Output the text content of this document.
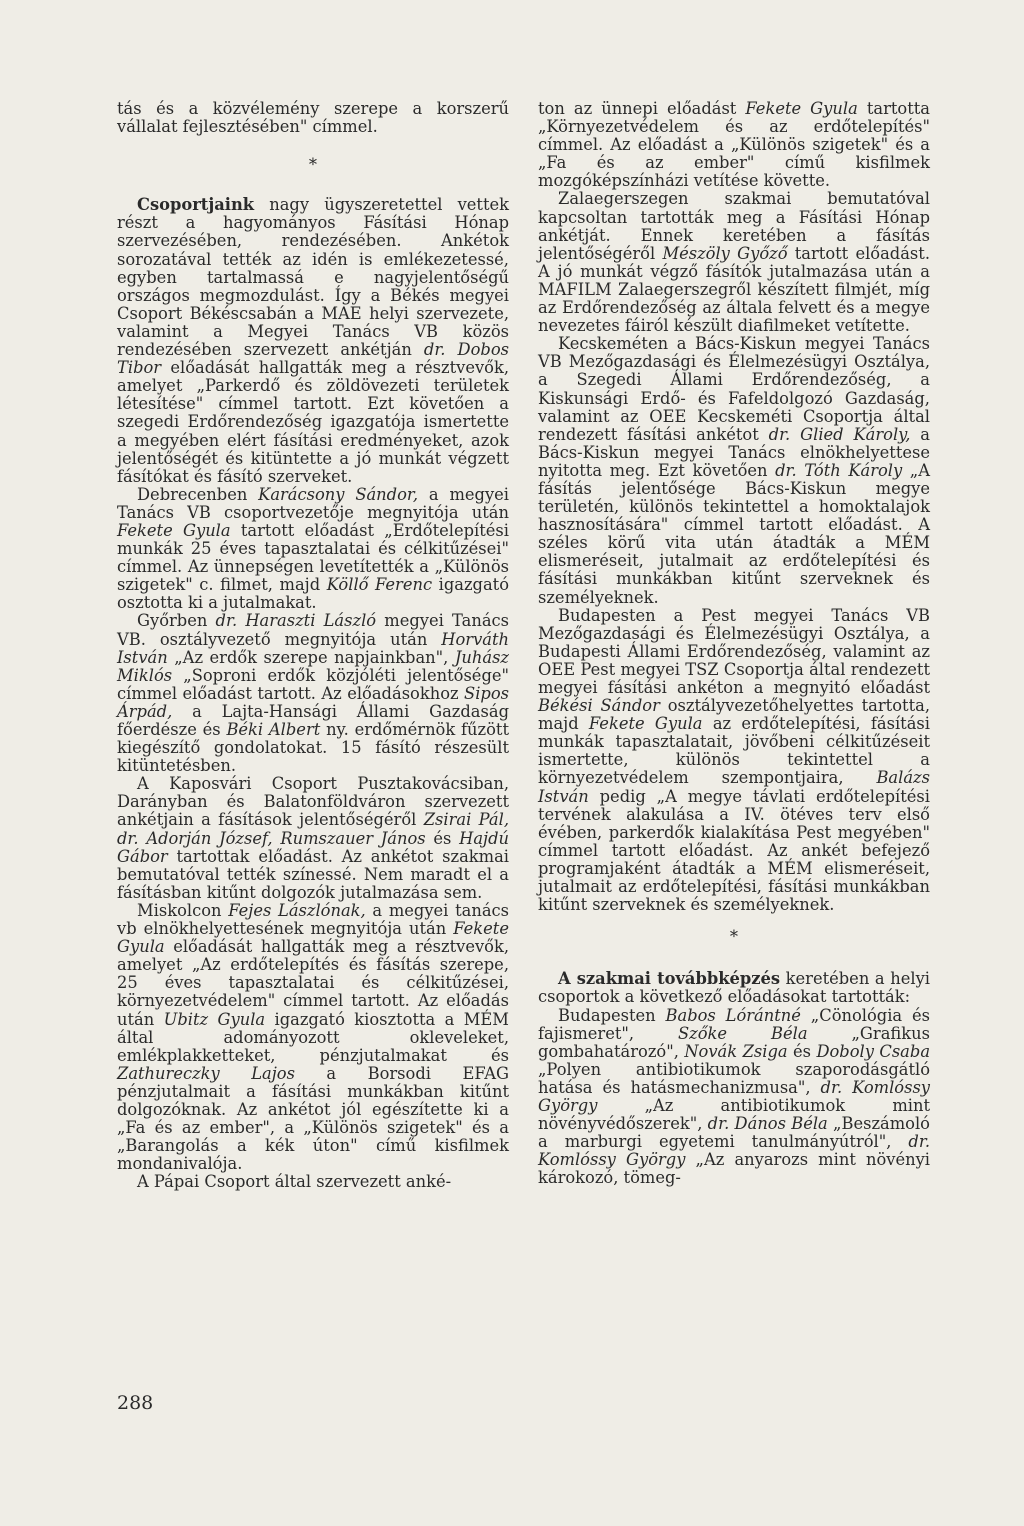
tás és a közvélemény szerepe a korszerű vállalat fejlesztésében" címmel.

*

Csoportjaink nagy ügyszeretettel vettek részt a hagyományos Fásítási Hónap szervezésében, rendezésében. Ankétok sorozatával tették az idén is emlékezetessé, egyben tartalmassá e nagyjelentőségű országos megmozdulást. Így a Békés megyei Csoport Békéscsabán a MAE helyi szervezete, valamint a Megyei Tanács VB közös rendezésében szervezett ankétján dr. Dobos Tibor előadását hallgatták meg a résztvevők, amelyet „Parkerdő és zöldövezeti területek létesítése" címmel tartott. Ezt követően a szegedi Erdőrendezőség igazgatója ismertette a megyében elért fásítási eredményeket, azok jelentőségét és kitüntette a jó munkát végzett fásítókat és fásító szerveket.

Debrecenben Karácsony Sándor, a megyei Tanács VB csoportvezetője megnyitója után Fekete Gyula tartott előadást „Erdőtelepítési munkák 25 éves tapasztalatai és célkitűzései" címmel. Az ünnepségen levetítették a „Különös szigetek" c. filmet, majd Köllő Ferenc igazgató osztotta ki a jutalmakat.

Győrben dr. Haraszti László megyei Tanács VB. osztályvezető megnyitója után Horváth István „Az erdők szerepe napjainkban", Juhász Miklós „Soproni erdők közjóléti jelentősége" címmel előadást tartott. Az előadásokhoz Sipos Árpád, a Lajta-Hansági Állami Gazdaság főerdésze és Béki Albert ny. erdőmérnök fűzött kiegészítő gondolatokat. 15 fásító részesült kitüntetésben.

A Kaposvári Csoport Pusztakovácsiban, Darányban és Balatonföldváron szervezett ankétjain a fásítások jelentőségéről Zsirai Pál, dr. Adorján József, Rumszauer János és Hajdú Gábor tartottak előadást. Az ankétot szakmai bemutatóval tették színessé. Nem maradt el a fásításban kitűnt dolgozók jutalmazása sem.

Miskolcon Fejes Lászlónak, a megyei tanács vb elnökhelyettesének megnyitója után Fekete Gyula előadását hallgatták meg a résztvevők, amelyet „Az erdőtelepítés és fásítás szerepe, 25 éves tapasztalatai és célkitűzései, környezetvédelem" címmel tartott. Az előadás után Ubitz Gyula igazgató kiosztotta a MÉM által adományozott okleveleket, emlékplakketteket, pénzjutalmakat és Zathureczky Lajos a Borsodi EFAG pénzjutalmait a fásítási munkákban kitűnt dolgozóknak. Az ankétot jól egészítette ki a „Fa és az ember", a „Különös szigetek" és a „Barangolás a kék úton" című kisfilmek mondanivalója.

A Pápai Csoport által szervezett anké-

ton az ünnepi előadást Fekete Gyula tartotta „Környezetvédelem és az erdőtelepítés" címmel. Az előadást a „Különös szigetek" és a „Fa és az ember" című kisfilmek mozgóképszínházi vetítése követte.

Zalaegerszegen szakmai bemutatóval kapcsoltan tartották meg a Fásítási Hónap ankétját. Ennek keretében a fásítás jelentőségéről Mészöly Győző tartott előadást. A jó munkát végző fásítók jutalmazása után a MAFILM Zalaegerszegről készített filmjét, míg az Erdőrendezőség az általa felvett és a megye nevezetes fáiról készült diafilmeket vetítette.

Kecskeméten a Bács-Kiskun megyei Tanács VB Mezőgazdasági és Élelmezésügyi Osztálya, a Szegedi Állami Erdőrendezőség, a Kiskunsági Erdő- és Fafeldolgozó Gazdaság, valamint az OEE Kecskeméti Csoportja által rendezett fásítási ankétot dr. Glied Károly, a Bács-Kiskun megyei Tanács elnökhelyettese nyitotta meg. Ezt követően dr. Tóth Károly „A fásítás jelentősége Bács-Kiskun megye területén, különös tekintettel a homoktalajok hasznosítására" címmel tartott előadást. A széles körű vita után átadták a MÉM elismeréseit, jutalmait az erdőtelepítési és fásítási munkákban kitűnt szerveknek és személyeknek.

Budapesten a Pest megyei Tanács VB Mezőgazdasági és Élelmezésügyi Osztálya, a Budapesti Állami Erdőrendezőség, valamint az OEE Pest megyei TSZ Csoportja által rendezett megyei fásítási ankéton a megnyitó előadást Békési Sándor osztályvezetőhelyettes tartotta, majd Fekete Gyula az erdőtelepítési, fásítási munkák tapasztalatait, jövőbeni célkitűzéseit ismertette, különös tekintettel a környezetvédelem szempontjaira, Balázs István pedig „A megye távlati erdőtelepítési tervének alakulása a IV. ötéves terv első évében, parkerdők kialakítása Pest megyében" címmel tartott előadást. Az ankét befejező programjaként átadták a MÉM elismeréseit, jutalmait az erdőtelepítési, fásítási munkákban kitűnt szerveknek és személyeknek.

*

A szakmai továbbképzés keretében a helyi csoportok a következő előadásokat tartották:

Budapesten Babos Lórántné „Cönológia és fajismeret", Szőke Béla „Grafikus gombahatározó", Novák Zsiga és Doboly Csaba „Polyen antibiotikumok szaporodásgátló hatása és hatásmechanizmusa", dr. Komlóssy György „Az antibiotikumok mint növényvédőszerek", dr. Dános Béla „Beszámoló a marburgi egyetemi tanulmányútról", dr. Komlóssy György „Az anyarozs mint növényi károkozó, tömeg-

288
